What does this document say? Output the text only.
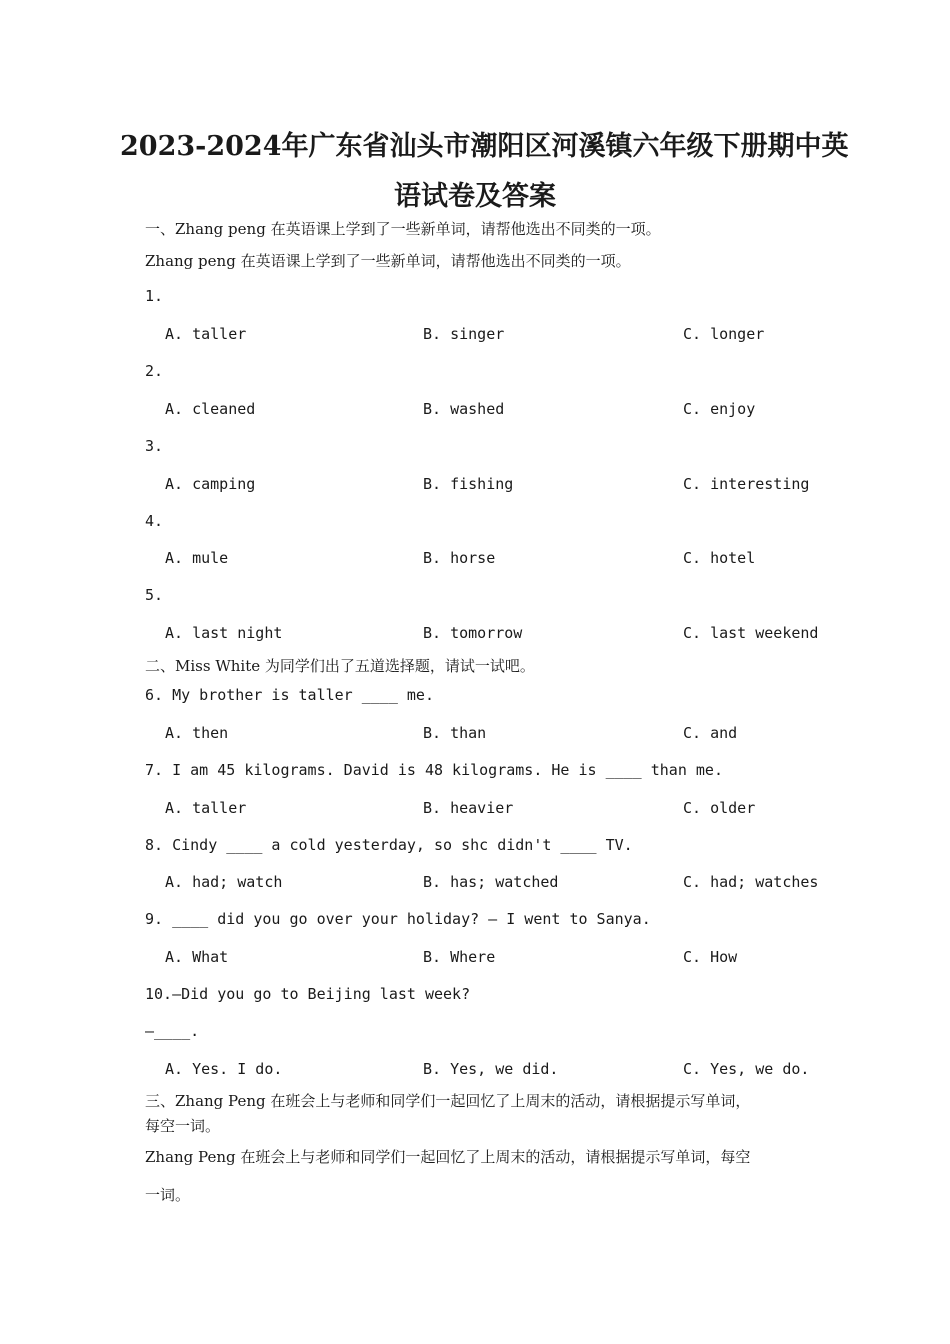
2023-2024年广东省汕头市潮阳区河溪镇六年级下册期中英
语试卷及答案
一、Zhang peng 在英语课上学到了一些新单词，请帮他选出不同类的一项。
Zhang peng 在英语课上学到了一些新单词，请帮他选出不同类的一项。
1.
A. taller	B. singer	C. longer
2.
A. cleaned	B. washed	C. enjoy
3.
A. camping	B. fishing	C. interesting
4.
A. mule	B. horse	C. hotel
5.
A. last night	B. tomorrow	C. last weekend
二、Miss White 为同学们出了五道选择题，请试一试吧。
6. My brother is taller ____ me.
A. then	B. than	C. and
7. I am 45 kilograms. David is 48 kilograms. He is ____ than me.
A. taller	B. heavier	C. older
8. Cindy ____ a cold yesterday, so shc didn't ____ TV.
A. had; watch	B. has; watched	C. had; watches
9. ____ did you go over your holiday? — I went to Sanya.
A. What	B. Where	C. How
10.—Did you go to Beijing last week?
—____.
A. Yes. I do.	B. Yes, we did.	C. Yes, we do.
三、Zhang Peng 在班会上与老师和同学们一起回忆了上周末的活动，请根据提示写单词，
每空一词。
Zhang Peng 在班会上与老师和同学们一起回忆了上周末的活动，请根据提示写单词，每空
一词。
